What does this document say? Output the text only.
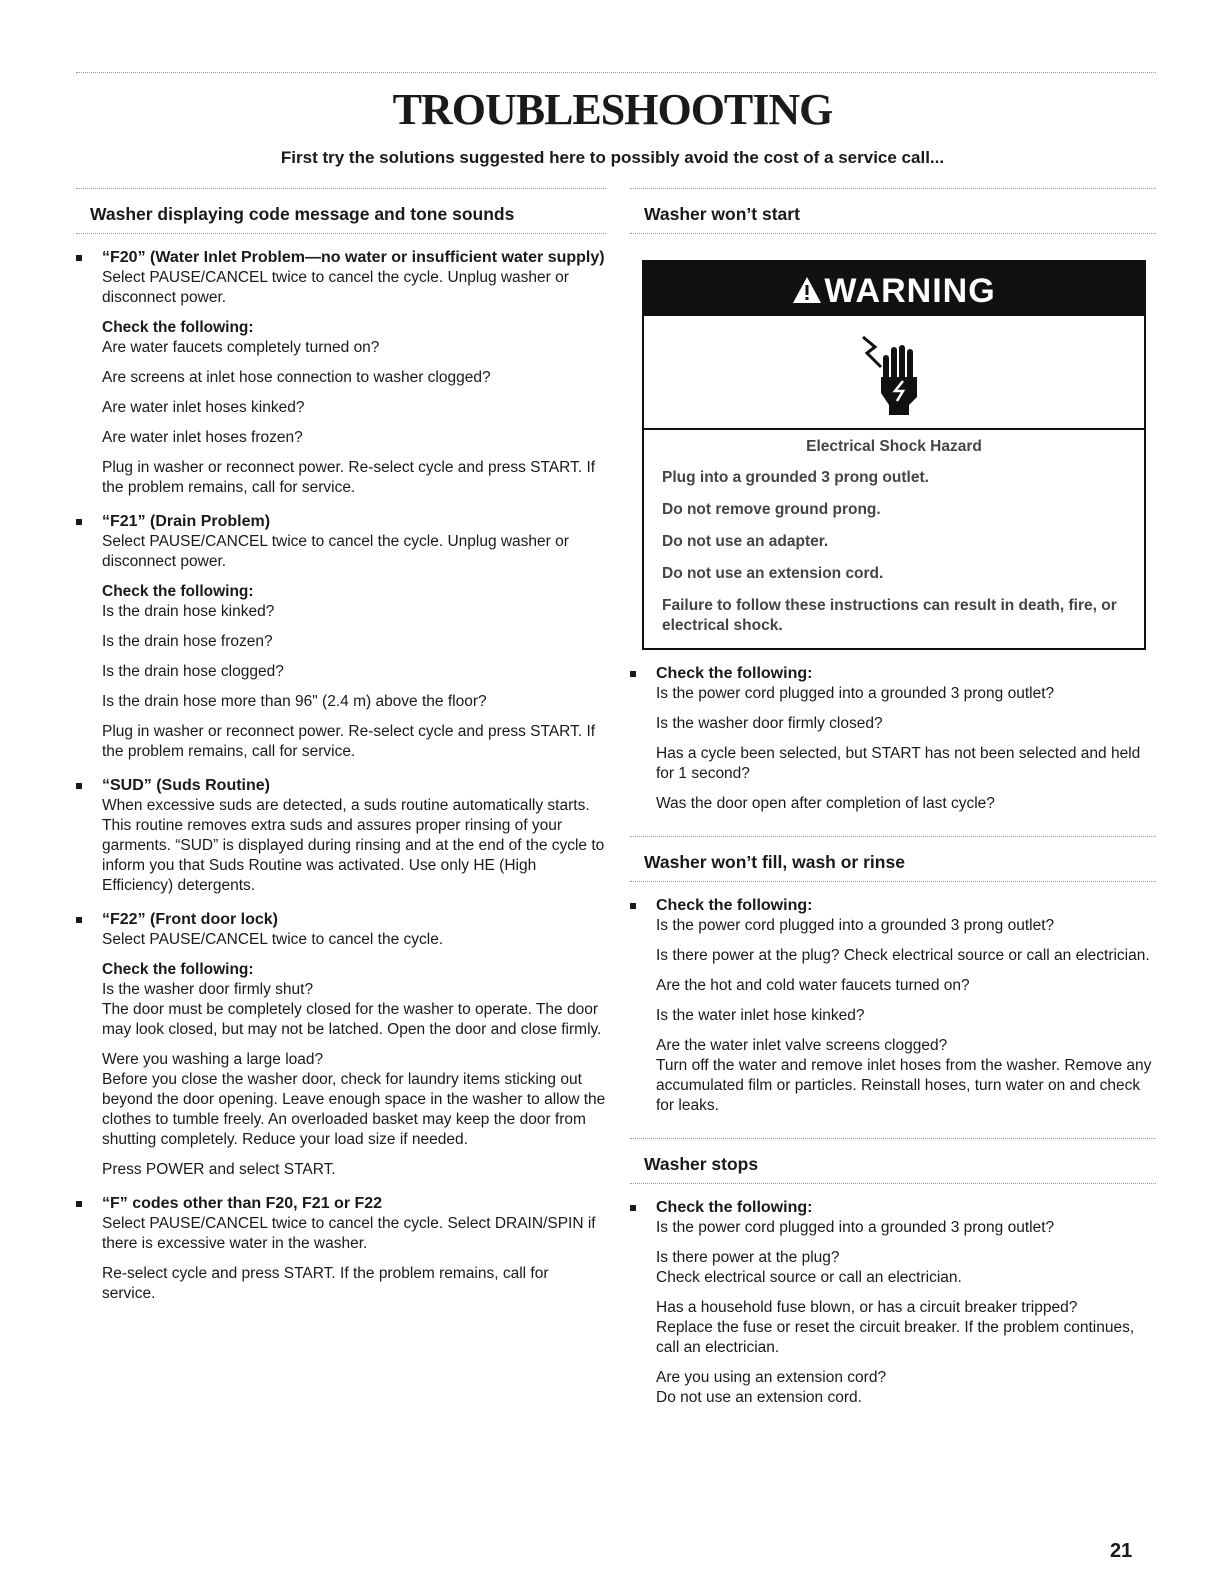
TROUBLESHOOTING

First try the solutions suggested here to possibly avoid the cost of a service call...

Washer displaying code message and tone sounds
“F20” (Water Inlet Problem—no water or insufficient water supply)

Select PAUSE/CANCEL twice to cancel the cycle. Unplug washer or disconnect power.

Check the following:

Are water faucets completely turned on?

Are screens at inlet hose connection to washer clogged?

Are water inlet hoses kinked?

Are water inlet hoses frozen?

Plug in washer or reconnect power. Re-select cycle and press START. If the problem remains, call for service.

“F21” (Drain Problem)

Select PAUSE/CANCEL twice to cancel the cycle. Unplug washer or disconnect power.

Check the following:

Is the drain hose kinked?

Is the drain hose frozen?

Is the drain hose clogged?

Is the drain hose more than 96" (2.4 m) above the floor?

Plug in washer or reconnect power. Re-select cycle and press START. If the problem remains, call for service.

“SUD” (Suds Routine)

When excessive suds are detected, a suds routine automatically starts. This routine removes extra suds and assures proper rinsing of your garments. “SUD” is displayed during rinsing and at the end of the cycle to inform you that Suds Routine was activated. Use only HE (High Efficiency) detergents.

“F22” (Front door lock)

Select PAUSE/CANCEL twice to cancel the cycle.

Check the following:

Is the washer door firmly shut?

The door must be completely closed for the washer to operate. The door may look closed, but may not be latched. Open the door and close firmly.

Were you washing a large load?

Before you close the washer door, check for laundry items sticking out beyond the door opening. Leave enough space in the washer to allow the clothes to tumble freely. An overloaded basket may keep the door from shutting completely. Reduce your load size if needed.

Press POWER and select START.

“F” codes other than F20, F21 or F22

Select PAUSE/CANCEL twice to cancel the cycle. Select DRAIN/SPIN if there is excessive water in the washer.

Re-select cycle and press START. If the problem remains, call for service.

Washer won’t start
WARNING
Electrical Shock Hazard

Plug into a grounded 3 prong outlet.

Do not remove ground prong.

Do not use an adapter.

Do not use an extension cord.

Failure to follow these instructions can result in death, fire, or electrical shock.

Check the following:

Is the power cord plugged into a grounded 3 prong outlet?

Is the washer door firmly closed?

Has a cycle been selected, but START has not been selected and held for 1 second?

Was the door open after completion of last cycle?

Washer won’t fill, wash or rinse
Check the following:

Is the power cord plugged into a grounded 3 prong outlet?

Is there power at the plug? Check electrical source or call an electrician.

Are the hot and cold water faucets turned on?

Is the water inlet hose kinked?

Are the water inlet valve screens clogged?

Turn off the water and remove inlet hoses from the washer. Remove any accumulated film or particles. Reinstall hoses, turn water on and check for leaks.

Washer stops
Check the following:

Is the power cord plugged into a grounded 3 prong outlet?

Is there power at the plug?

Check electrical source or call an electrician.

Has a household fuse blown, or has a circuit breaker tripped?

Replace the fuse or reset the circuit breaker. If the problem continues, call an electrician.

Are you using an extension cord?

Do not use an extension cord.

21
